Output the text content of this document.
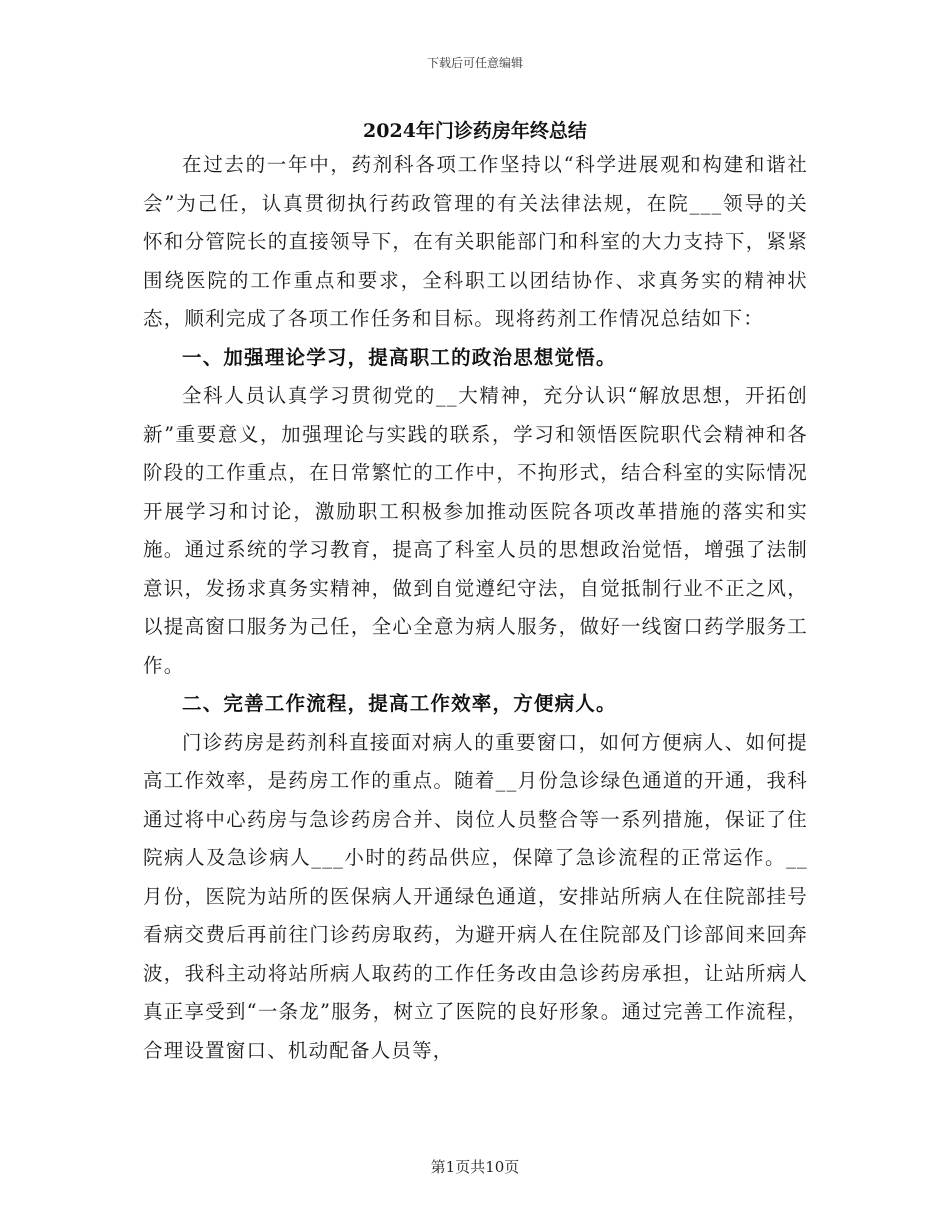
下载后可任意编辑
2024年门诊药房年终总结

在过去的一年中，药剂科各项工作坚持以“科学进展观和构建和谐社会”为己任，认真贯彻执行药政管理的有关法律法规，在院___领导的关怀和分管院长的直接领导下，在有关职能部门和科室的大力支持下，紧紧围绕医院的工作重点和要求，全科职工以团结协作、求真务实的精神状态，顺利完成了各项工作任务和目标。现将药剂工作情况总结如下：

一、加强理论学习，提高职工的政治思想觉悟。

全科人员认真学习贯彻党的__大精神，充分认识“解放思想，开拓创新”重要意义，加强理论与实践的联系，学习和领悟医院职代会精神和各阶段的工作重点，在日常繁忙的工作中，不拘形式，结合科室的实际情况开展学习和讨论，激励职工积极参加推动医院各项改革措施的落实和实施。通过系统的学习教育，提高了科室人员的思想政治觉悟，增强了法制意识，发扬求真务实精神，做到自觉遵纪守法，自觉抵制行业不正之风，以提高窗口服务为己任，全心全意为病人服务，做好一线窗口药学服务工作。

二、完善工作流程，提高工作效率，方便病人。

门诊药房是药剂科直接面对病人的重要窗口，如何方便病人、如何提高工作效率，是药房工作的重点。随着__月份急诊绿色通道的开通，我科通过将中心药房与急诊药房合并、岗位人员整合等一系列措施，保证了住院病人及急诊病人___小时的药品供应，保障了急诊流程的正常运作。__月份，医院为站所的医保病人开通绿色通道，安排站所病人在住院部挂号看病交费后再前往门诊药房取药，为避开病人在住院部及门诊部间来回奔波，我科主动将站所病人取药的工作任务改由急诊药房承担，让站所病人真正享受到“一条龙”服务，树立了医院的良好形象。通过完善工作流程，合理设置窗口、机动配备人员等，

第1页共10页
